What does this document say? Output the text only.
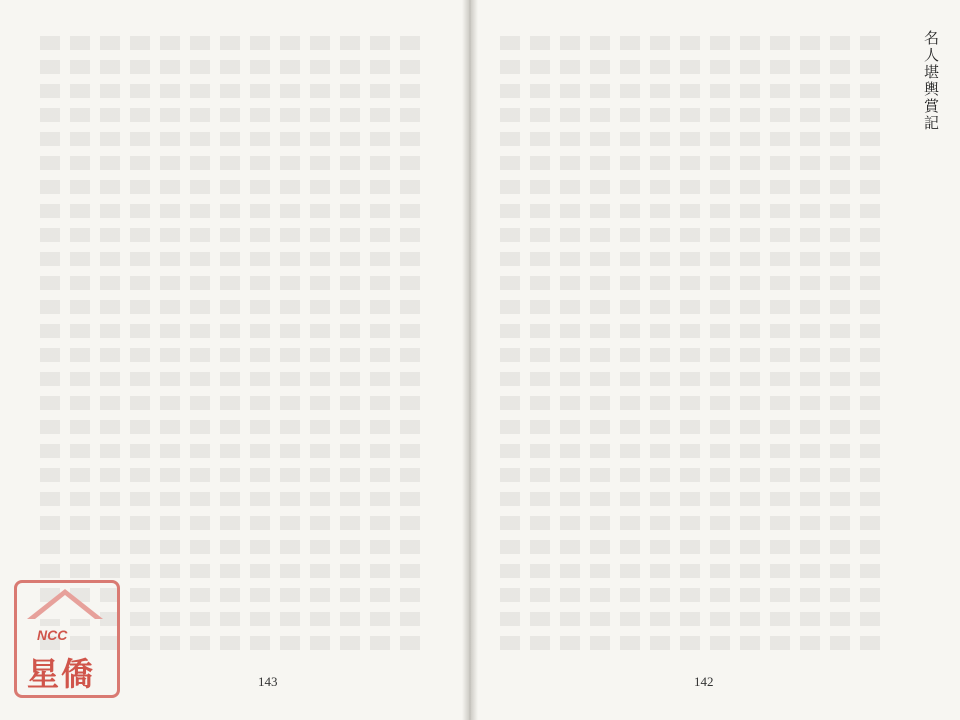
143
名人堪輿賞記
142
NCC
星僑
